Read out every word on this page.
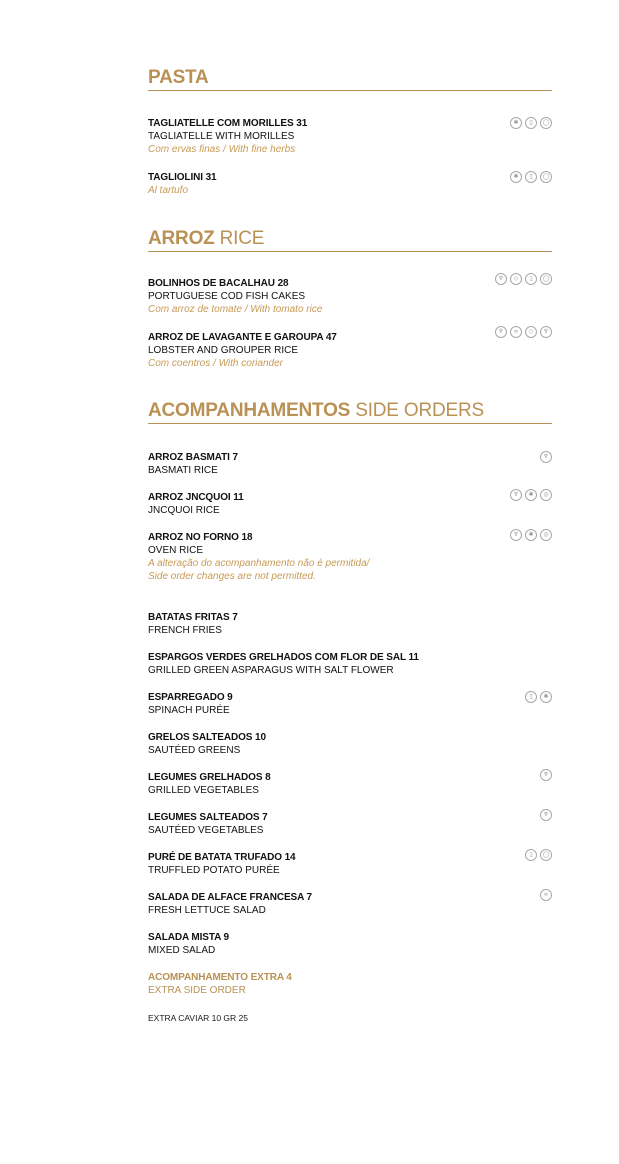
PASTA
TAGLIATELLE COM MORILLES 31
TAGLIATELLE WITH MORILLES
Com ervas finas / With fine herbs
✱	▯	◯
TAGLIOLINI 31
Al tartufo
✱	▯	◯
ARROZ RICE
BOLINHOS DE BACALHAU 28
PORTUGUESE COD FISH CAKES
Com arroz de tomate / With tomato rice
♆	◇	▯	◯
ARROZ DE LAVAGANTE E GAROUPA 47
LOBSTER AND GROUPER RICE
Com coentros / With coriander
♆	∞	◇	♆
ACOMPANHAMENTOS SIDE ORDERS
ARROZ BASMATI 7
BASMATI RICE
♆
ARROZ JNCQUOI 11
JNCQUOI RICE
♆	✱	◎
ARROZ NO FORNO 18
OVEN RICE
A alteração do acompanhamento não é permitida/
Side order changes are not permitted.
♆	✱	◎
BATATAS FRITAS 7
FRENCH FRIES
ESPARGOS VERDES GRELHADOS COM FLOR DE SAL 11
GRILLED GREEN ASPARAGUS WITH SALT FLOWER
ESPARREGADO 9
SPINACH PURÉE
▯	✱
GRELOS SALTEADOS 10
SAUTÉED GREENS
LEGUMES GRELHADOS 8
GRILLED VEGETABLES
♆
LEGUMES SALTEADOS 7
SAUTÉED VEGETABLES
♆
PURÉ DE BATATA TRUFADO 14
TRUFFLED POTATO PURÉE
▯	◯
SALADA DE ALFACE FRANCESA 7
FRESH LETTUCE SALAD
∞
SALADA MISTA 9
MIXED SALAD
ACOMPANHAMENTO EXTRA 4
EXTRA SIDE ORDER
EXTRA CAVIAR 10 GR 25
